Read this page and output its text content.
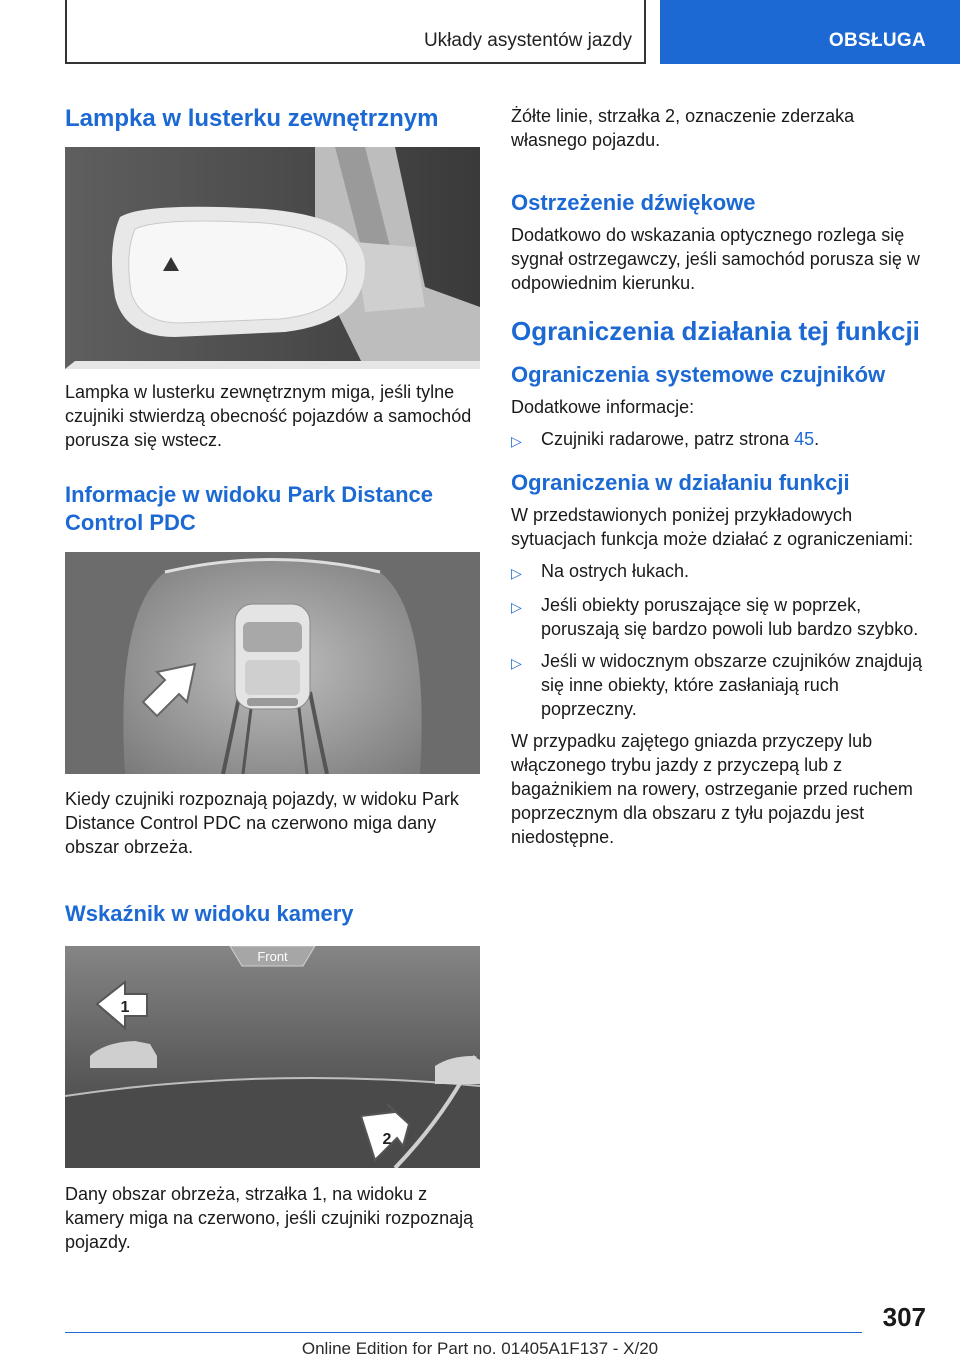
Układy asystentów jazdy	OBSŁUGA
Lampka w lusterku zewnętrznym

Lampka w lusterku zewnętrznym miga, jeśli tylne czujniki stwierdzą obecność pojazdów a samochód porusza się wstecz.

Informacje w widoku Park Distance Control PDC

Kiedy czujniki rozpoznają pojazdy, w widoku Park Distance Control PDC na czerwono miga dany obszar obrzeża.

Wskaźnik w widoku kamery
Front
1
2

Dany obszar obrzeża, strzałka 1, na widoku z kamery miga na czerwono, jeśli czujniki rozpoznają pojazdy.

Żółte linie, strzałka 2, oznaczenie zderzaka własnego pojazdu.

Ostrzeżenie dźwiękowe

Dodatkowo do wskazania optycznego rozlega się sygnał ostrzegawczy, jeśli samochód porusza się w odpowiednim kierunku.

Ograniczenia działania tej funkcji
Ograniczenia systemowe czujników

Dodatkowe informacje:

▷	Czujniki radarowe, patrz strona 45.
Ograniczenia w działaniu funkcji

W przedstawionych poniżej przykładowych sytuacjach funkcja może działać z ograniczeniami:

▷	Na ostrych łukach.
▷	Jeśli obiekty poruszające się w poprzek, poruszają się bardzo powoli lub bardzo szybko.
▷	Jeśli w widocznym obszarze czujników znajdują się inne obiekty, które zasłaniają ruch poprzeczny.

W przypadku zajętego gniazda przyczepy lub włączonego trybu jazdy z przyczepą lub z bagażnikiem na rowery, ostrzeganie przed ruchem poprzecznym dla obszaru z tyłu pojazdu jest niedostępne.

307
Online Edition for Part no. 01405A1F137 - X/20
